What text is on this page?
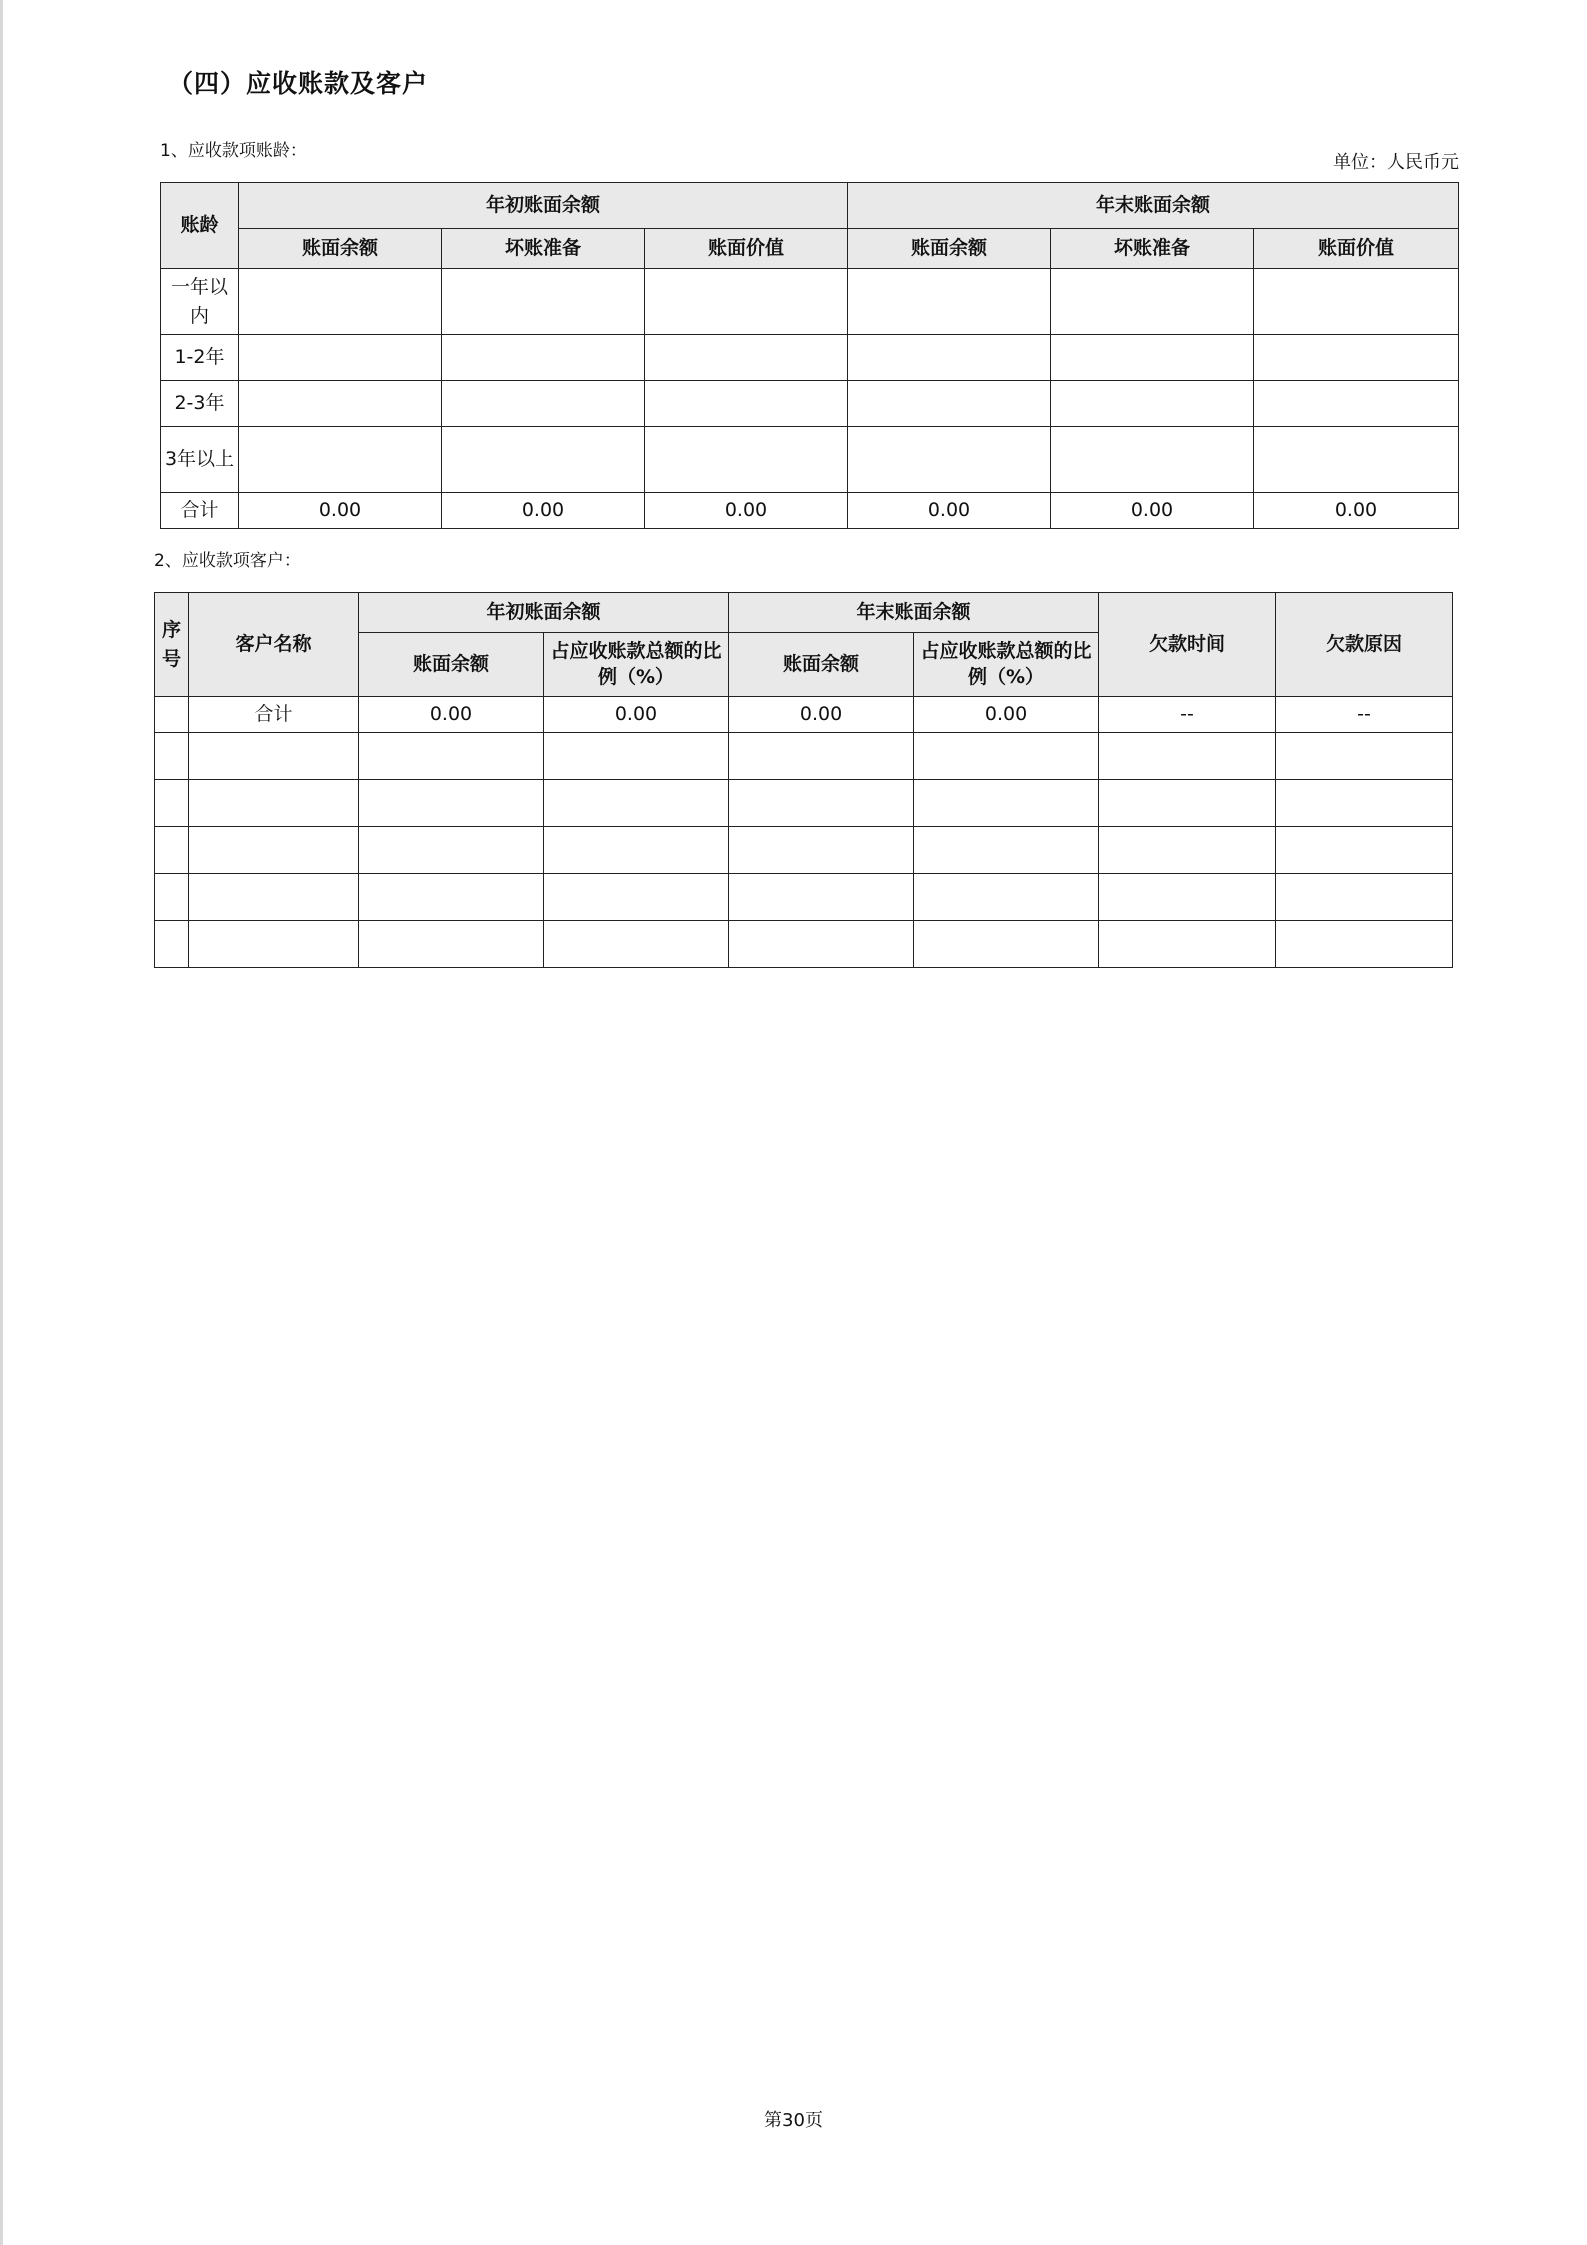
（四）应收账款及客户
1、应收款项账龄：
单位：人民币元
账龄	年初账面余额			年末账面余额		
	账面余额	坏账准备	账面价值	账面余额	坏账准备	账面价值
一年以内						
1-2年						
2-3年						
3年以上						
合计	0.00	0.00	0.00	0.00	0.00	0.00
2、应收款项客户：
序号	客户名称	年初账面余额		年末账面余额		欠款时间	欠款原因
		账面余额	占应收账款总额的比例（%）	账面余额	占应收账款总额的比例（%）		
	合计	0.00	0.00	0.00	0.00	--	--

第30页
